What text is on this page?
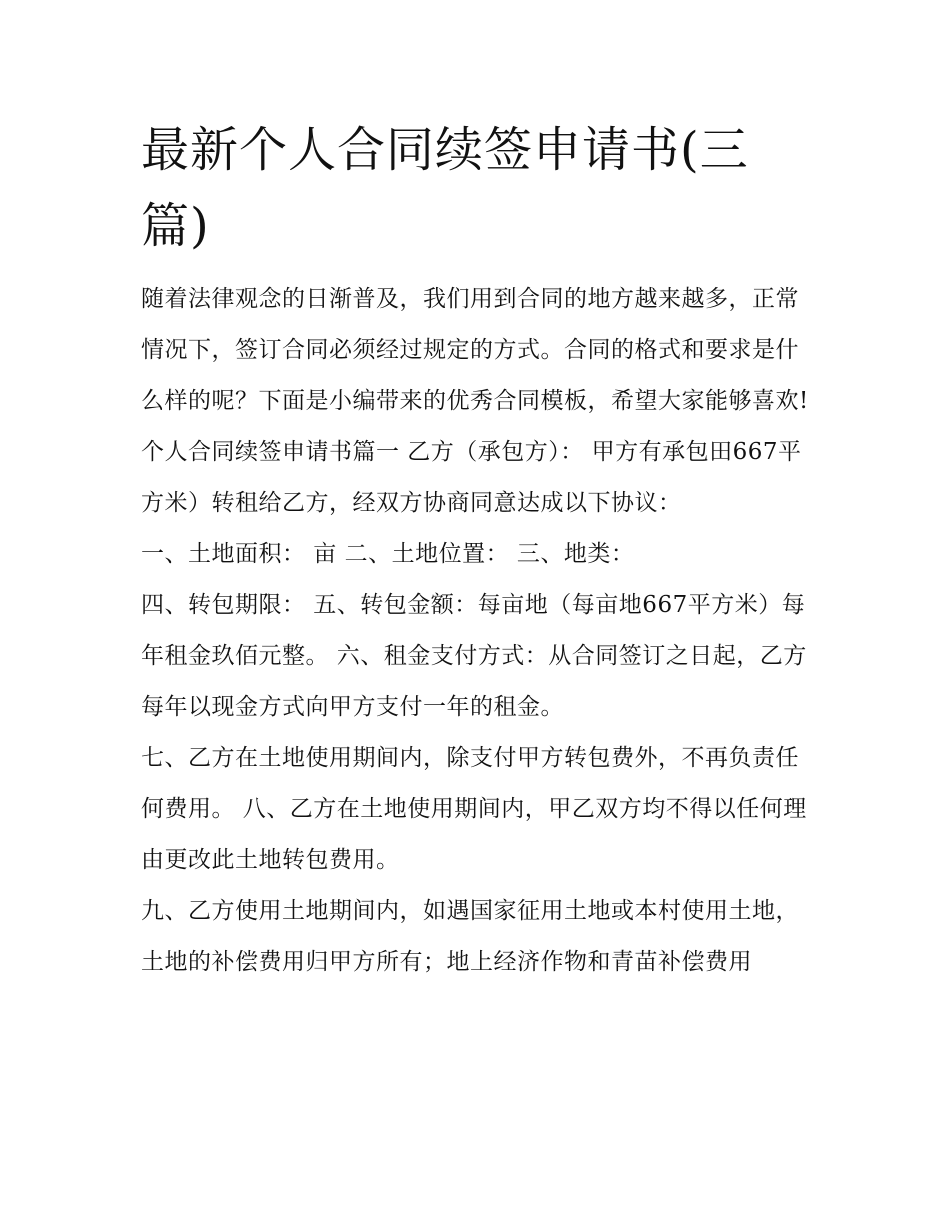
最新个人合同续签申请书(三篇)

随着法律观念的日渐普及，我们用到合同的地方越来越多，正常情况下，签订合同必须经过规定的方式。合同的格式和要求是什么样的呢？下面是小编带来的优秀合同模板，希望大家能够喜欢!

个人合同续签申请书篇一 乙方（承包方）： 甲方有承包田667平方米）转租给乙方，经双方协商同意达成以下协议：

一、土地面积： 亩 二、土地位置： 三、地类：

四、转包期限： 五、转包金额：每亩地（每亩地667平方米）每年租金玖佰元整。 六、租金支付方式：从合同签订之日起，乙方每年以现金方式向甲方支付一年的租金。

七、乙方在土地使用期间内，除支付甲方转包费外，不再负责任何费用。 八、乙方在土地使用期间内，甲乙双方均不得以任何理由更改此土地转包费用。

九、乙方使用土地期间内，如遇国家征用土地或本村使用土地，土地的补偿费用归甲方所有；地上经济作物和青苗补偿费用
